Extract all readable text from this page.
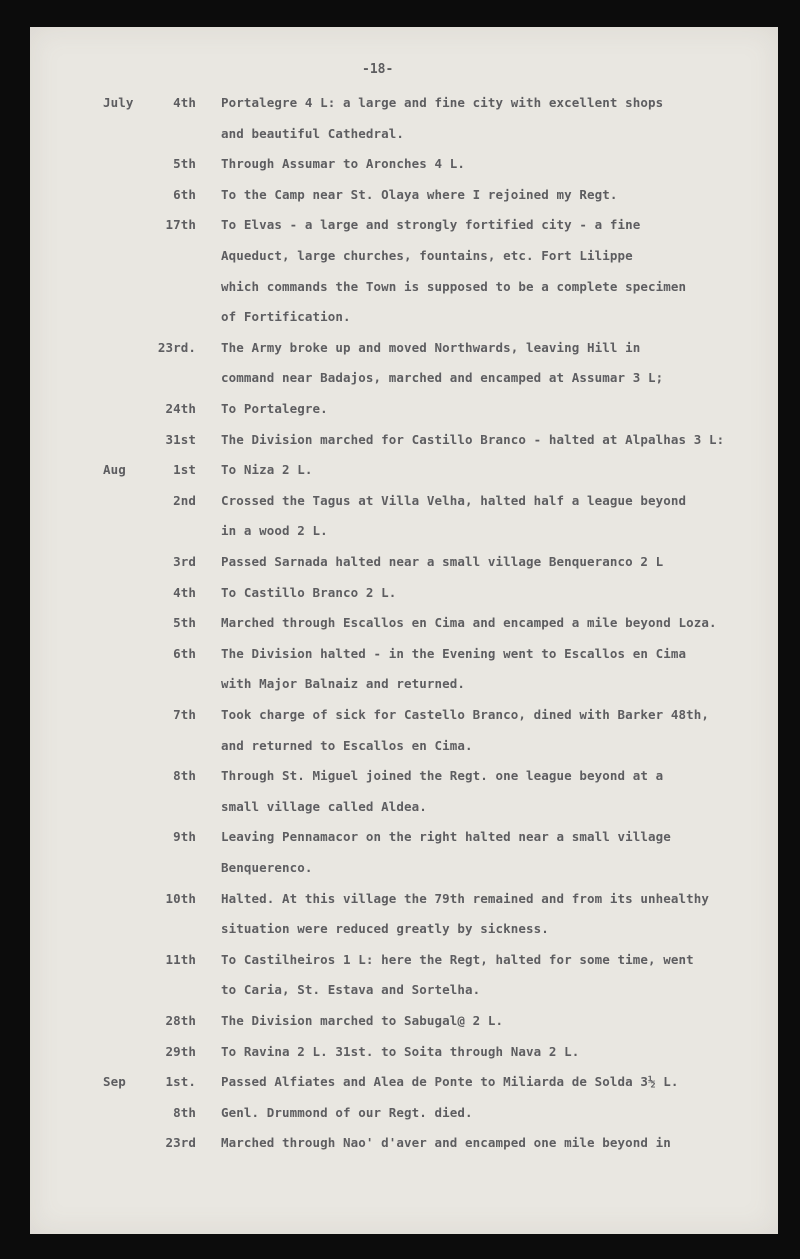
-18-
July	4th Portalegre 4 L: a large and fine city with excellent shops
and beautiful Cathedral.
5th Through Assumar to Aronches 4 L.
6th To the Camp near St. Olaya where I rejoined my Regt.
17th To Elvas - a large and strongly fortified city - a fine
Aqueduct, large churches, fountains, etc. Fort Lilippe
which commands the Town is supposed to be a complete specimen
of Fortification.
23rd. The Army broke up and moved Northwards, leaving Hill in
command near Badajos, marched and encamped at Assumar 3 L;
24th To Portalegre.
31st The Division marched for Castillo Branco - halted at Alpalhas 3 L:
Aug	1st To Niza 2 L.
2nd Crossed the Tagus at Villa Velha, halted half a league beyond
in a wood 2 L.
3rd Passed Sarnada halted near a small village Benqueranco 2 L
4th To Castillo Branco 2 L.
5th Marched through Escallos en Cima and encamped a mile beyond Loza.
6th The Division halted - in the Evening went to Escallos en Cima
with Major Balnaiz and returned.
7th Took charge of sick for Castello Branco, dined with Barker 48th,
and returned to Escallos en Cima.
8th Through St. Miguel joined the Regt. one league beyond at a
small village called Aldea.
9th Leaving Pennamacor on the right halted near a small village
Benquerenco.
10th Halted. At this village the 79th remained and from its unhealthy
situation were reduced greatly by sickness.
11th To Castilheiros 1 L: here the Regt, halted for some time, went
to Caria, St. Estava and Sortelha.
28th The Division marched to Sabugal@ 2 L.
29th To Ravina 2 L. 31st. to Soita through Nava 2 L.
Sep	1st. Passed Alfiates and Alea de Ponte to Miliarda de Solda 3½ L.
8th Genl. Drummond of our Regt. died.
23rd Marched through Nao' d'aver and encamped one mile beyond in
